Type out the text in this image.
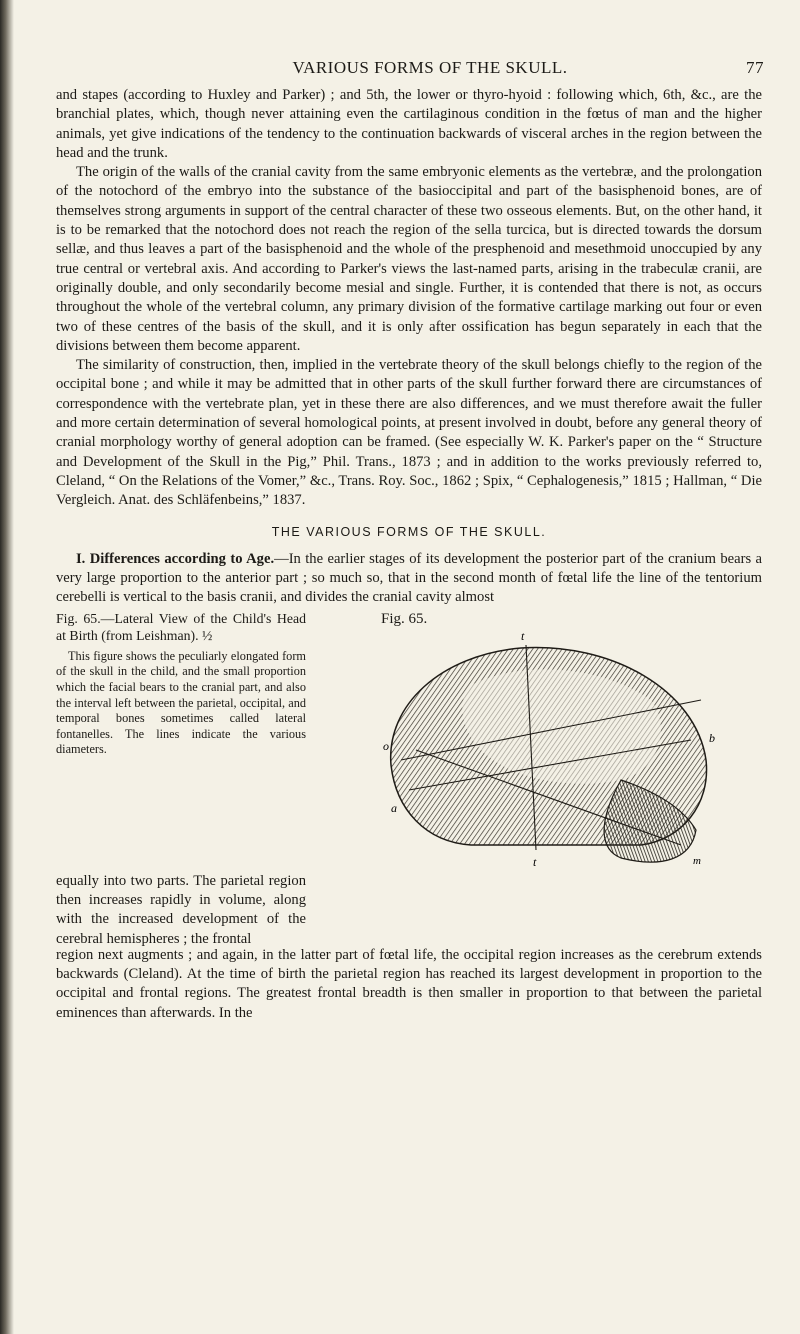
VARIOUS FORMS OF THE SKULL.	77

and stapes (according to Huxley and Parker) ; and 5th, the lower or thyro-hyoid : following which, 6th, &c., are the branchial plates, which, though never attaining even the cartilaginous condition in the fœtus of man and the higher animals, yet give indications of the tendency to the continuation backwards of visceral arches in the region between the head and the trunk.

The origin of the walls of the cranial cavity from the same embryonic elements as the vertebræ, and the prolongation of the notochord of the embryo into the substance of the basioccipital and part of the basisphenoid bones, are of themselves strong arguments in support of the central character of these two osseous elements. But, on the other hand, it is to be remarked that the notochord does not reach the region of the sella turcica, but is directed towards the dorsum sellæ, and thus leaves a part of the basisphenoid and the whole of the presphenoid and mesethmoid unoccupied by any true central or vertebral axis. And according to Parker's views the last-named parts, arising in the trabeculæ cranii, are originally double, and only secondarily become mesial and single. Further, it is contended that there is not, as occurs throughout the whole of the vertebral column, any primary division of the formative cartilage marking out four or even two of these centres of the basis of the skull, and it is only after ossification has begun separately in each that the divisions between them become apparent.

The similarity of construction, then, implied in the vertebrate theory of the skull belongs chiefly to the region of the occipital bone ; and while it may be admitted that in other parts of the skull further forward there are circumstances of correspondence with the vertebrate plan, yet in these there are also differences, and we must therefore await the fuller and more certain determination of several homological points, at present involved in doubt, before any general theory of cranial morphology worthy of general adoption can be framed. (See especially W. K. Parker's paper on the “ Structure and Development of the Skull in the Pig,” Phil. Trans., 1873 ; and in addition to the works previously referred to, Cleland, “ On the Relations of the Vomer,” &c., Trans. Roy. Soc., 1862 ; Spix, “ Cephalogenesis,” 1815 ; Hallman, “ Die Vergleich. Anat. des Schläfenbeins,” 1837.

THE VARIOUS FORMS OF THE SKULL.

I. Differences according to Age.—In the earlier stages of its development the posterior part of the cranium bears a very large proportion to the anterior part ; so much so, that in the second month of fœtal life the line of the tentorium cerebelli is vertical to the basis cranii, and divides the cranial cavity almost

Fig. 65.—Lateral View of the Child's Head at Birth (from Leishman). ½
This figure shows the peculiarly elongated form of the skull in the child, and the small proportion which the facial bears to the cranial part, and also the interval left between the parietal, occipital, and temporal bones sometimes called lateral fontanelles. The lines indicate the various diameters.
Fig. 65.
t
o
b
a
t	m
equally into two parts. The parietal region then increases rapidly in volume, along with the increased development of the cerebral hemispheres ; the frontal
region next augments ; and again, in the latter part of fœtal life, the occipital region increases as the cerebrum extends backwards (Cleland). At the time of birth the parietal region has reached its largest development in proportion to the occipital and frontal regions. The greatest frontal breadth is then smaller in proportion to that between the parietal eminences than afterwards. In the
